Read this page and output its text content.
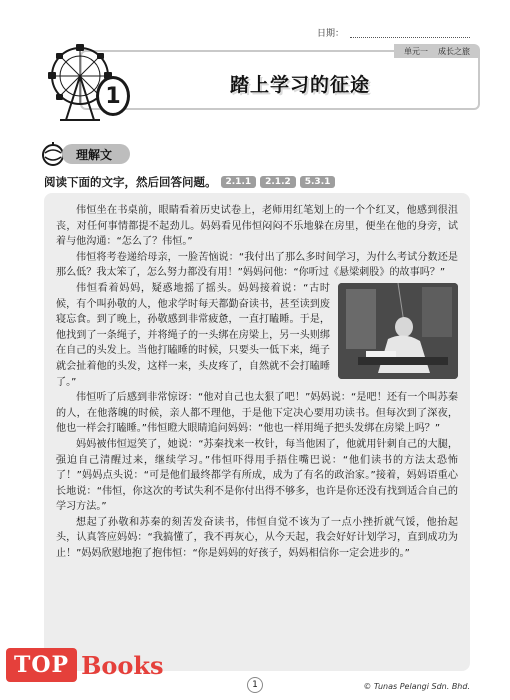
日期：
单元一 成长之旅
1	踏上学习的征途
理解文
阅读下面的文字，然后回答问题。	2.1.1	2.1.2	5.3.1

伟恒坐在书桌前，眼睛看着历史试卷上，老师用红笔划上的一个个红叉，他感到很沮丧，对任何事情都提不起劲儿。妈妈看见伟恒闷闷不乐地躲在房里，便坐在他的身旁，试着与他沟通：“怎么了？伟恒。”

伟恒将考卷递给母亲，一脸苦恼说：“我付出了那么多时间学习，为什么考试分数还是那么低？我太笨了，怎么努力都没有用！”妈妈问他：“你听过《悬梁刺股》的故事吗？”

伟恒看着妈妈，疑惑地摇了摇头。妈妈接着说：“古时候，有个叫孙敬的人，他求学时每天都勤奋读书，甚至读到废寝忘食。到了晚上，孙敬感到非常疲惫，一直打瞌睡。于是，他找到了一条绳子，并将绳子的一头绑在房梁上，另一头则绑在自己的头发上。当他打瞌睡的时候，只要头一低下来，绳子就会扯着他的头发，这样一来，头皮疼了，自然就不会打瞌睡了。”

伟恒听了后感到非常惊讶：“他对自己也太狠了吧！”妈妈说：“是吧！还有一个叫苏秦的人，在他落魄的时候，亲人都不理他，于是他下定决心要用功读书。但每次到了深夜，他也一样会打瞌睡。”伟恒瞪大眼睛追问妈妈：“他也一样用绳子把头发绑在房梁上吗？”

妈妈被伟恒逗笑了，她说：“苏秦找来一枚针，每当他困了，他就用针刺自己的大腿，强迫自己清醒过来，继续学习。”伟恒吓得用手捂住嘴巴说：“他们读书的方法太恐怖了！”妈妈点头说：“可是他们最终都学有所成，成为了有名的政治家。”接着，妈妈语重心长地说：“伟恒，你这次的考试失利不是你付出得不够多，也许是你还没有找到适合自己的学习方法。”

想起了孙敬和苏秦的刻苦发奋读书，伟恒自觉不该为了一点小挫折就气馁，他抬起头，认真答应妈妈：“我搞懂了，我不再灰心，从今天起，我会好好计划学习，直到成功为止！”妈妈欣慰地抱了抱伟恒：“你是妈妈的好孩子，妈妈相信你一定会进步的。”

TOP Books
1	© Tunas Pelangi Sdn. Bhd.
